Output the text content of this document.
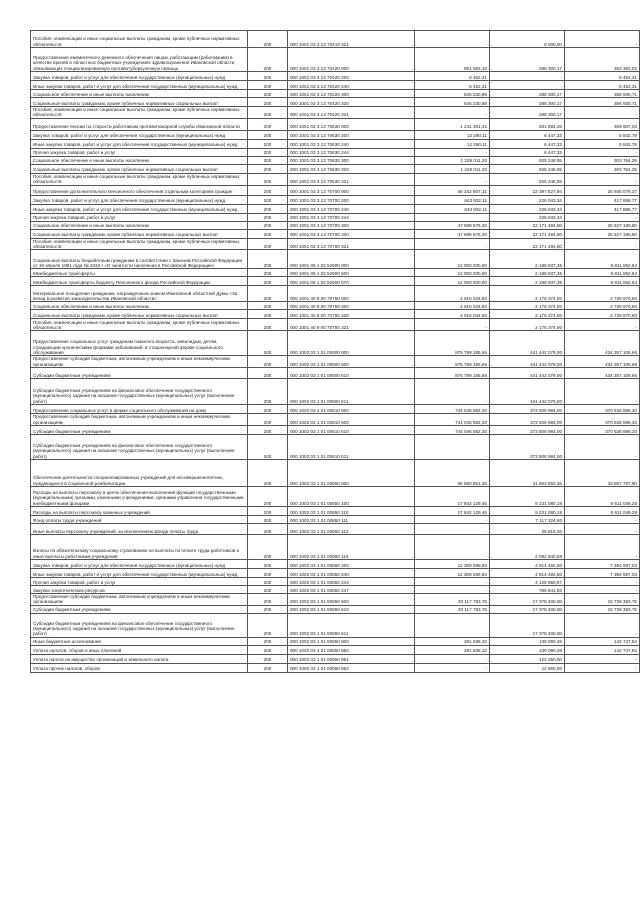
Пособия, компенсации и иные социальные выплаты гражданам, кроме публичных нормативных обязательств	200	000 1001 03 3 13 70410 321	-	9 000,00	-
Предоставление ежемесячного денежного обеспечения лицам, работающим (работавшим) в качестве врачей в областных бюджетных учреждениях здравоохранения Ивановской области, связывающих специализированную противотуберкулезную помощь	200	000 1001 03 3 13 70420 000	851 683,18	288 300,17	363 383,02
Закупка товаров, работ и услуг для обеспечения государственных (муниципальных) нужд	200	000 1001 03 3 13 70420 200	6 452,31	-	6 452,31
Иные закупки товаров, работ и услуг для обеспечения государственных (муниципальных) нужд	200	000 1001 03 3 13 70420 240	6 452,31	-	6 452,31
Социальное обеспечение и иные выплаты населению	200	000 1001 03 3 13 70420 300	845 230,88	288 300,17	356 930,71
Социальные выплаты гражданам, кроме публичных нормативных социальных выплат	200	000 1001 03 3 13 70420 320	645 230,88	288 300,17	356 930,71
Пособия, компенсации и иные социальные выплаты гражданам, кроме публичных нормативных обязательств	200	000 1001 03 3 13 70420 321	-	288 300,17	-
Предоставление пенсии по старости работникам противопожарной службы Ивановской области	200	000 1001 03 3 13 70630 000	1 241 301,31	931 694,28	309 607,03
Закупка товаров, работ и услуг для обеспечения государственных (муниципальных) нужд	200	000 1001 03 3 13 70630 200	12 290,11	6 447,33	5 842,78
Иные закупки товаров, работ и услуг для обеспечения государственных (муниципальных) нужд	200	000 1001 03 3 13 70630 240	12 290,11	6 447,33	5 842,78
Прочая закупка товаров, работ и услуг	200	000 1001 03 3 13 70630 244	-	6 447,33	-
Социальное обеспечение и иные выплаты населению	200	000 1001 03 3 13 70630 300	1 229 011,20	925 246,95	303 764,25
Социальные выплаты гражданам, кроме публичных нормативных социальных выплат	200	000 1001 03 3 13 70630 320	1 229 011,20	925 246,95	303 764,25
Пособия, компенсации и иные социальные выплаты гражданам, кроме публичных нормативных обязательств	200	000 1001 03 3 13 70630 321	-	925 246,95	-
Предоставление дополнительного пенсионного обеспечения отдельным категориям граждан	200	000 1001 03 3 13 70700 000	48 342 607,31	22 397 527,94	25 945 079,37
Закупка товаров, работ и услуг для обеспечения государственных (муниципальных) нужд	200	000 1001 03 3 13 70700 200	643 932,11	226 043,34	417 888,77
Иные закупки товаров, работ и услуг для обеспечения государственных (муниципальных) нужд	200	000 1001 03 3 13 70700 240	643 932,11	226 043,34	417 888,77
Прочая закупка товаров, работ и услуг	200	000 1001 03 3 13 70700 244	-	226 043,34	-
Социальное обеспечение и иные выплаты населению	200	000 1001 03 3 13 70700 300	47 698 675,20	22 171 484,60	25 527 190,60
Социальные выплаты гражданам, кроме публичных нормативных социальных выплат	200	000 1001 03 3 13 70700 320	47 698 675,20	22 171 484,60	25 527 190,60
Пособия, компенсации и иные социальные выплаты гражданам, кроме публичных нормативных обязательств	200	000 1001 03 3 13 70700 321	-	22 171 484,60	-
Социальные выплаты безработным гражданам в соответствии с Законом Российской Федерации от 19 апреля 1991 года № 1032-I «О занятости населения в Российской Федерации»	200	000 1001 05 1 02 52900 000	12 000 000,00	2 188 937,36	9 811 062,64
Межбюджетные трансферты	200	000 1001 05 1 02 52900 500	12 000 000,00	2 188 937,36	9 811 062,64
Межбюджетные трансферты бюджету Пенсионного фонда Российской Федерации	200	000 1001 05 1 02 52900 570	12 000 000,00	2 188 937,36	9 811 062,64
Материальное поощрение гражданам, награжденным знаком Ивановской областной Думы «За вклад в развитие законодательства Ивановской области»	200	000 1001 40 9 00 70750 000	4 916 044,60	2 176 374,00	2 739 670,60
Социальное обеспечение и иные выплаты населению	200	000 1001 40 9 00 70750 300	4 916 044,60	2 176 374,00	2 739 670,60
Социальные выплаты гражданам, кроме публичных нормативных социальных выплат	200	000 1001 40 9 00 70750 320	4 916 044,60	2 176 374,00	2 739 670,60
Пособия, компенсации и иные социальные выплаты гражданам, кроме публичных нормативных обязательств	200	000 1001 40 9 00 70750 321	-	2 176 374,00	-
Предоставление социальных услуг гражданам пожилого возраста, инвалидам, детям, страдающим хроническими формами заболеваний, в стационарной форме социального обслуживания	200	000 1002 03 1 01 00600 000	875 799 185,66	441 442 079,00	434 357 106,66
Предоставление субсидий бюджетным, автономным учреждениям и иным некоммерческим организациям	200	000 1002 03 1 01 00600 600	875 799 185,66	441 442 079,00	434 357 106,66
Субсидии бюджетным учреждениям	200	000 1002 03 1 01 00600 610	875 799 185,66	441 442 079,00	434 357 106,66
Субсидии бюджетным учреждениям на финансовое обеспечение государственного (муниципального) задания на оказание государственных (муниципальных) услуг (выполнение работ)	200	000 1002 03 1 01 00600 611	-	441 442 079,00	-
Предоставление социальных услуг в форме социального обслуживания на дому	200	000 1002 03 1 01 00610 000	744 046 882,30	373 508 984,00	370 538 898,30
Предоставление субсидий бюджетным, автономным учреждениям и иным некоммерческим организациям	200	000 1002 03 1 01 00610 600	744 046 882,30	373 508 984,00	370 538 898,30
Субсидии бюджетным учреждениям	200	000 1002 03 1 01 00610 610	744 046 882,30	373 508 984,00	370 538 898,30
Субсидии бюджетным учреждениям на финансовое обеспечение государственного (муниципального) задания на оказание государственных (муниципальных) услуг (выполнение работ)	200	000 1002 03 1 01 00610 611	-	373 508 984,00	-
Обеспечение деятельности специализированных учреждений для несовершеннолетних, нуждающихся в социальной реабилитации	200	000 1002 03 1 01 00650 000	65 550 851,36	31 663 063,46	33 887 787,90
Расходы на выплаты персоналу в целях обеспечения выполнения функций государственными (муниципальными) органами, казенными учреждениями, органами управления государственными внебюджетными фондами	200	000 1002 03 1 01 00650 100	17 842 129,46	9 231 080,18	8 611 049,28
Расходы на выплаты персоналу казенных учреждений	200	000 1002 03 1 01 00650 110	17 842 129,46	9 231 080,18	8 611 049,28
Фонд оплаты труда учреждений	200	000 1002 03 1 01 00650 111	-	7 117 324,60	-
Иные выплаты персоналу учреждений, за исключением фонда оплаты труда	200	000 1002 03 1 01 00650 112	-	26 815,00	-
Взносы по обязательному социальному страхованию на выплаты по оплате труда работников и иные выплаты работникам учреждений	200	000 1002 03 1 01 00650 119	-	2 092 940,58	-
Закупка товаров, работ и услуг для обеспечения государственных (муниципальных) нужд	200	000 1002 03 1 01 00650 200	12 309 089,83	4 914 492,80	7 394 597,03
Иные закупки товаров, работ и услуг для обеспечения государственных (муниципальных) нужд	200	000 1002 03 1 01 00650 240	12 309 089,83	4 914 492,80	7 394 597,03
Прочая закупка товаров, работ и услуг	200	000 1002 03 1 01 00650 244	-	4 128 950,97	-
Закупка энергетических ресурсов	200	000 1002 03 1 01 00650 247	-	785 541,83	-
Предоставление субсидий бюджетным, автономным учреждениям и иным некоммерческим организациям	200	000 1002 03 1 01 00650 600	33 117 793,75	17 378 400,00	15 739 393,75
Субсидии бюджетным учреждениям	200	000 1002 03 1 01 00650 610	33 117 793,75	17 378 400,00	15 739 393,75
Субсидии бюджетным учреждениям на финансовое обеспечение государственного (муниципального) задания на оказание государственных (муниципальных) услуг (выполнение работ)	200	000 1002 03 1 01 00650 611	-	17 378 400,00	-
Иные бюджетные ассигнования	200	000 1002 03 1 01 00650 800	281 838,32	139 090,48	142 747,84
Уплата налогов, сборов и иных платежей	200	000 1002 03 1 01 00650 850	281 838,32	139 090,48	142 747,84
Уплата налога на имущество организаций и земельного налога	200	000 1002 03 1 01 00650 851	-	124 250,00	-
Уплата прочих налогов, сборов	200	000 1002 03 1 01 00650 852	-	14 650,00	-
